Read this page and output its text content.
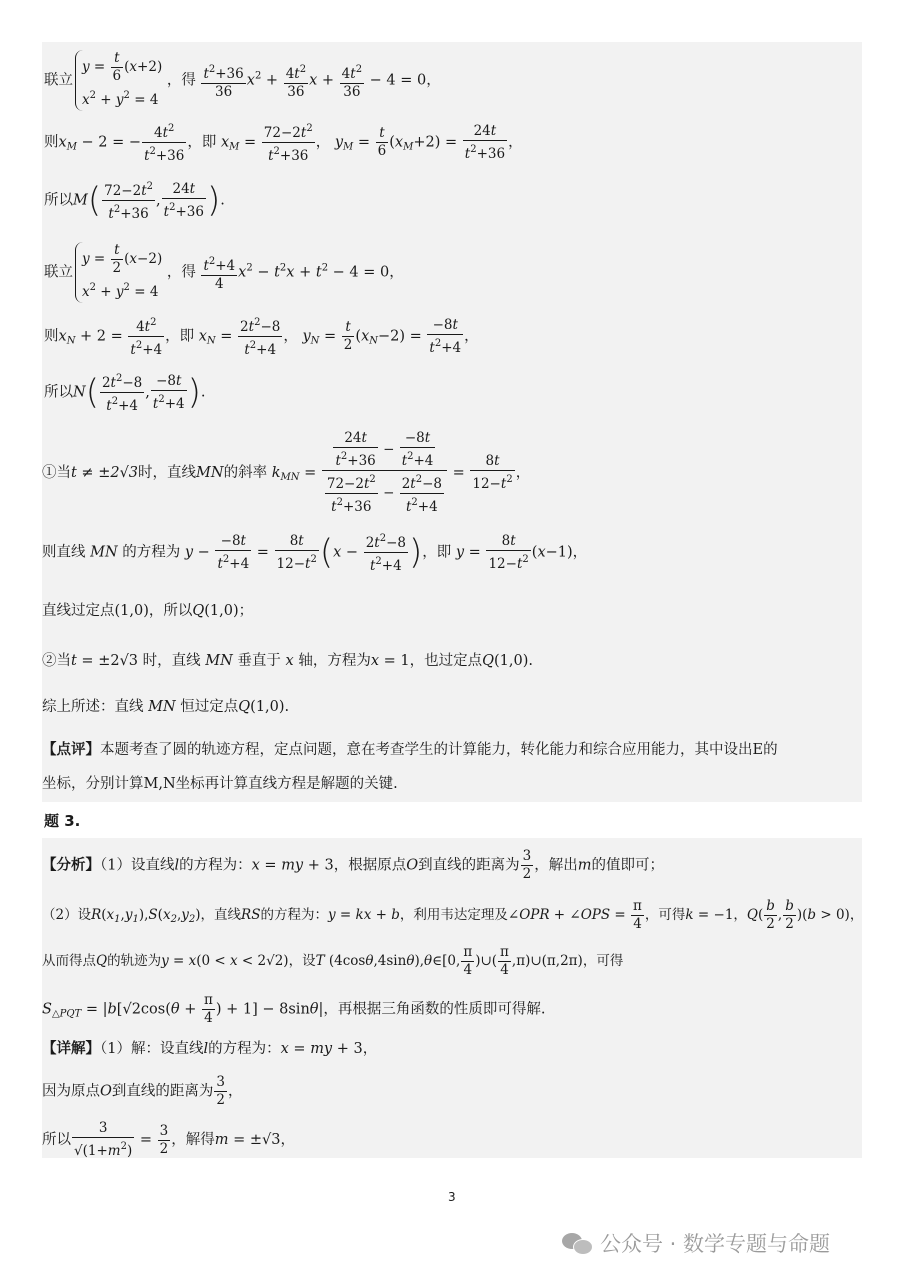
联立
$y = \frac{t}{6} (x+2)$
$x^2 + y^2 = 4$
，得 $\frac{t^2+36}{36} x^2 + \frac{4t^2}{36}$ $x + \frac{4t^2}{36} - 4 = 0$，
则$x_M - 2$ = − $\frac{4t^2}{t^2+36}$ ，即 $x_M = \frac{72-2t^2}{t^2+36}$ ， $y_M = \frac{t}{6} (x_M+2) = \frac{24t}{t^2+36}$ ，
所以$M( \frac{72-2t^2}{t^2+36}$ , $\frac{24t}{t^2+36}$ ).
联立
$y = \frac{t}{2} (x-2)$
$x^2 + y^2 = 4$
，得 $\frac{t^2+4}{4} x^2 - t^2x + t^2 - 4 = 0$，
则$x_N + 2 = \frac{4t^2}{t^2+4}$ ，即 $x_N = \frac{2t^2-8}{t^2+4}$ ， $y_N = \frac{t}{2} (x_N-2) = \frac{-8t}{t^2+4}$ ，
所以$N( \frac{2t^2-8}{t^2+4}$ , $\frac{-8t}{t^2+4}$ ).
①当t ≠ ±2√3时，直线MN的斜率 $k_{MN} = \frac{\frac{24t}{t^2+36} - \frac{-8t}{t^2+4}}{\frac{72-2t^2}{t^2+36} - \frac{2t^2-8}{t^2+4}} = \frac{8t}{12-t^2}$ ，
则直线 MN 的方程为 $y - \frac{-8t}{t^2+4} = \frac{8t}{12-t^2} (x - \frac{2t^2-8}{t^2+4}$ )，即 $y = \frac{8t}{12-t^2} (x-1)$，
直线过定点(1,0)，所以Q(1,0)；
②当t = ±2√3 时，直线 MN 垂直于 x 轴，方程为x = 1，也过定点Q(1,0).
综上所述：直线 MN 恒过定点Q(1,0).
【点评】本题考查了圆的轨迹方程，定点问题，意在考查学生的计算能力，转化能力和综合应用能力，其中设出E的
坐标，分别计算M,N坐标再计算直线方程是解题的关键.
题 3.
【分析】（1）设直线l的方程为：x = my + 3，根据原点O到直线的距离为 $\frac{3}{2}$ ，解出m的值即可；
（2）设$R(x_1,y_1),S(x_2,y_2)$，直线RS的方程为：y = kx + b，利用韦达定理及∠OPR + ∠OPS = $\frac{\pi}{4}$ ，可得k = −1，$Q( \frac{b}{2}$ , $\frac{b}{2} )(b > 0)$，
从而得点Q的轨迹为y = x(0 < x < 2√2)，设T (4cosθ,4sinθ),θ∈[0, $\frac{\pi}{4}$ )∪( $\frac{\pi}{4}$ ,π)∪(π,2π)，可得
$S_{\triangle PQT} = |b[√2\cos(\theta + \frac{\pi}{4}$ ) + 1] − 8sinθ|，再根据三角函数的性质即可得解.
【详解】（1）解：设直线l的方程为：x = my + 3，
因为原点O到直线的距离为 $\frac{3}{2}$ ，
所以 $\frac{3}{√(1+m^2)} = \frac{3}{2}$ ，解得m = ±√3，
3
公众号 · 数学专题与命题
